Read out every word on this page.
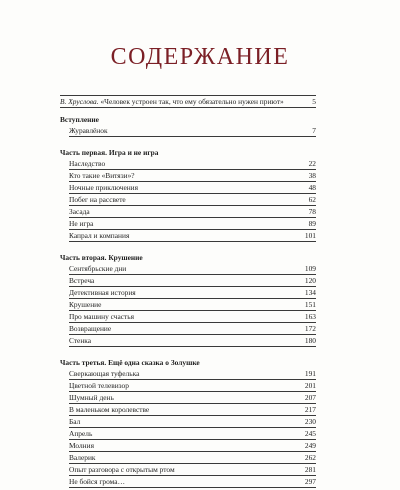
СОДЕРЖАНИЕ
В. Хруслова. «Человек устроен так, что ему обязательно нужен приют»	5
Вступление
Журавлёнок	7
Часть первая. Игра и не игра
Наследство	22
Кто такие «Витязи»?	38
Ночные приключения	48
Побег на рассвете	62
Засада	78
Не игра	89
Капрал и компания	101
Часть вторая. Крушение
Сентябрьские дни	109
Встреча	120
Детективная история	134
Крушение	151
Про машину счастья	163
Возвращение	172
Стенка	180
Часть третья. Ещё одна сказка о Золушке
Сверкающая туфелька	191
Цветной телевизор	201
Шумный день	207
В маленьком королевстве	217
Бал	230
Апрель	245
Молния	249
Валерик	262
Опыт разговора с открытым ртом	281
Не бойся грома…	297
